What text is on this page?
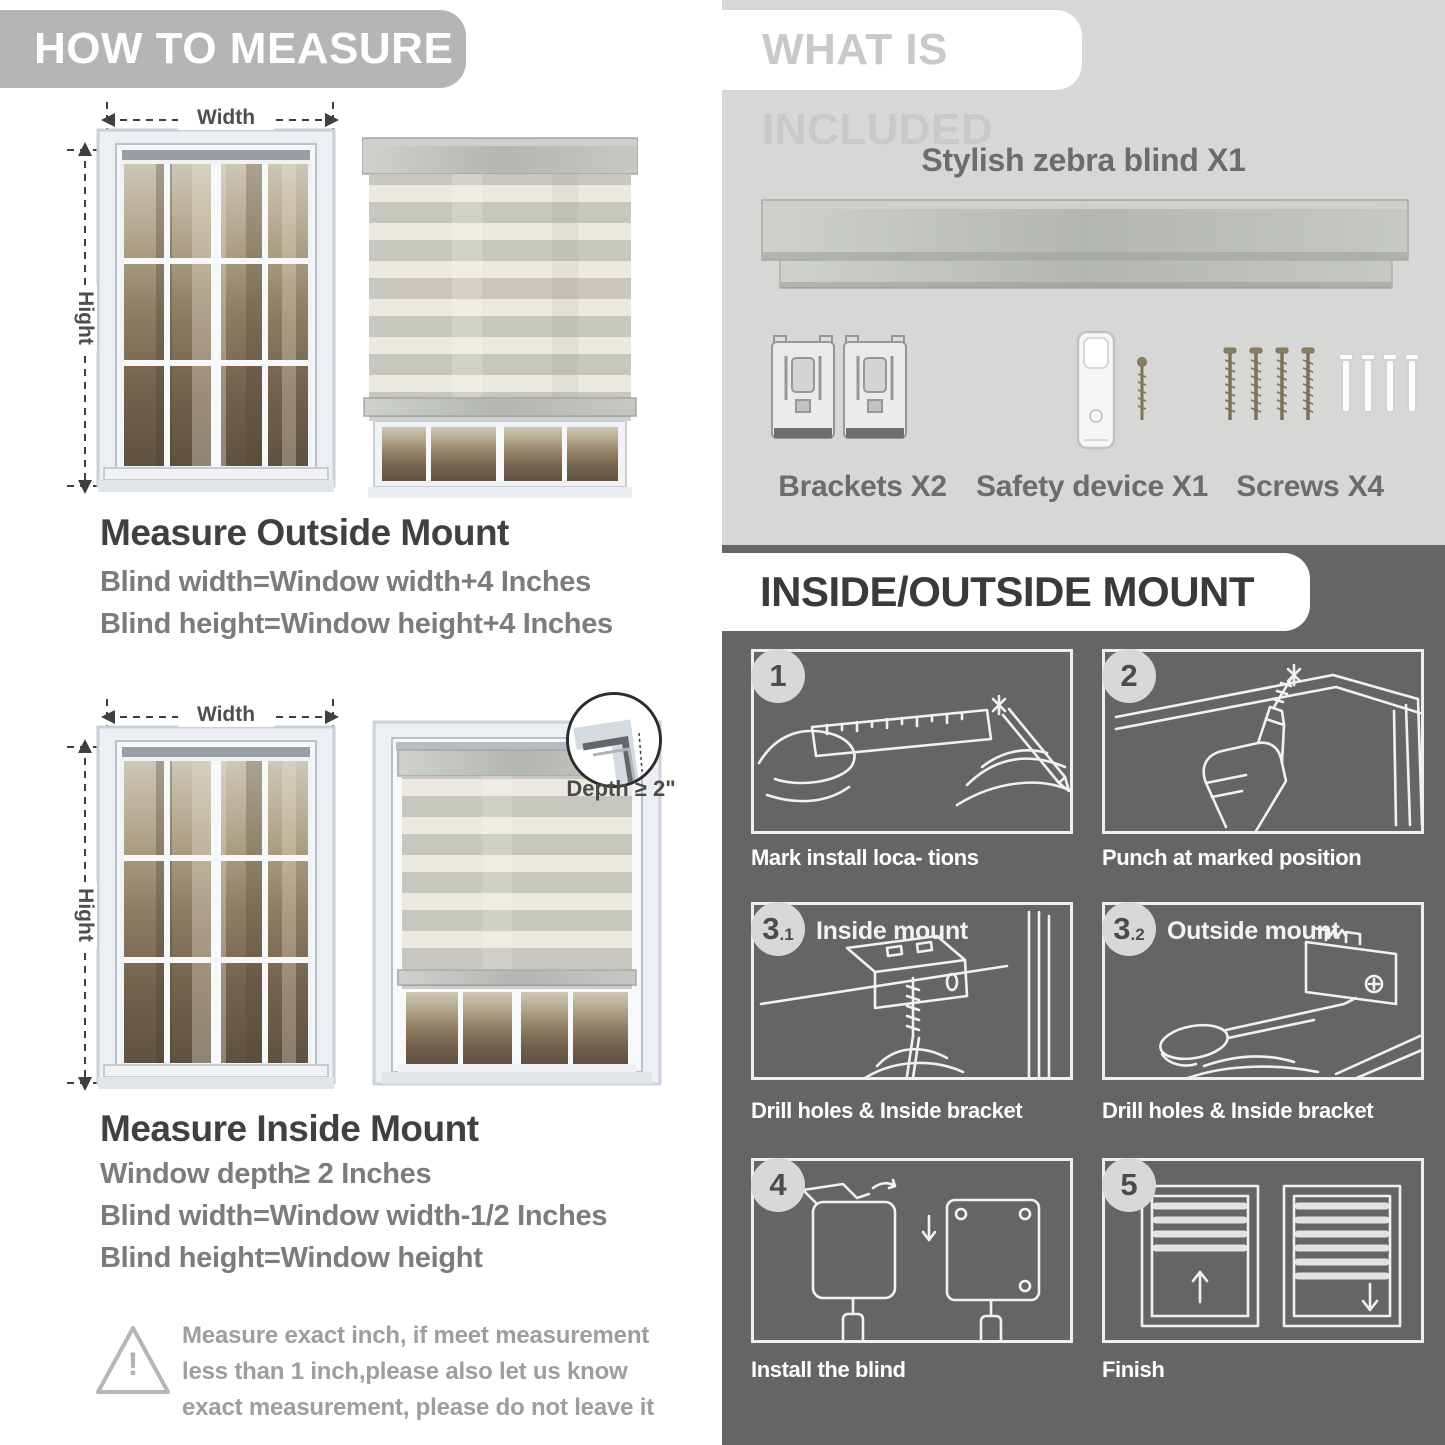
HOW TO MEASURE
Width
Hight
Measure Outside Mount
Blind width=Window width+4 Inches
Blind height=Window height+4 Inches
Width
Hight
Depth ≥ 2"
Measure Inside Mount
Window depth≥ 2 Inches
Blind width=Window width-1/2 Inches
Blind height=Window height
!
Measure exact inch, if meet measurement less than 1 inch,please also let us know exact measurement, please do not leave it
WHAT IS INCLUDED
Stylish zebra blind X1
Brackets X2 Safety device X1 Screws X4
INSIDE/OUTSIDE MOUNT
1
Mark install loca- tions
2
Punch at marked position
3 .1 Inside mount
Drill holes & Inside bracket
3 .2 Outside mount
Drill holes & Inside bracket
4
Install the blind
5
Finish
